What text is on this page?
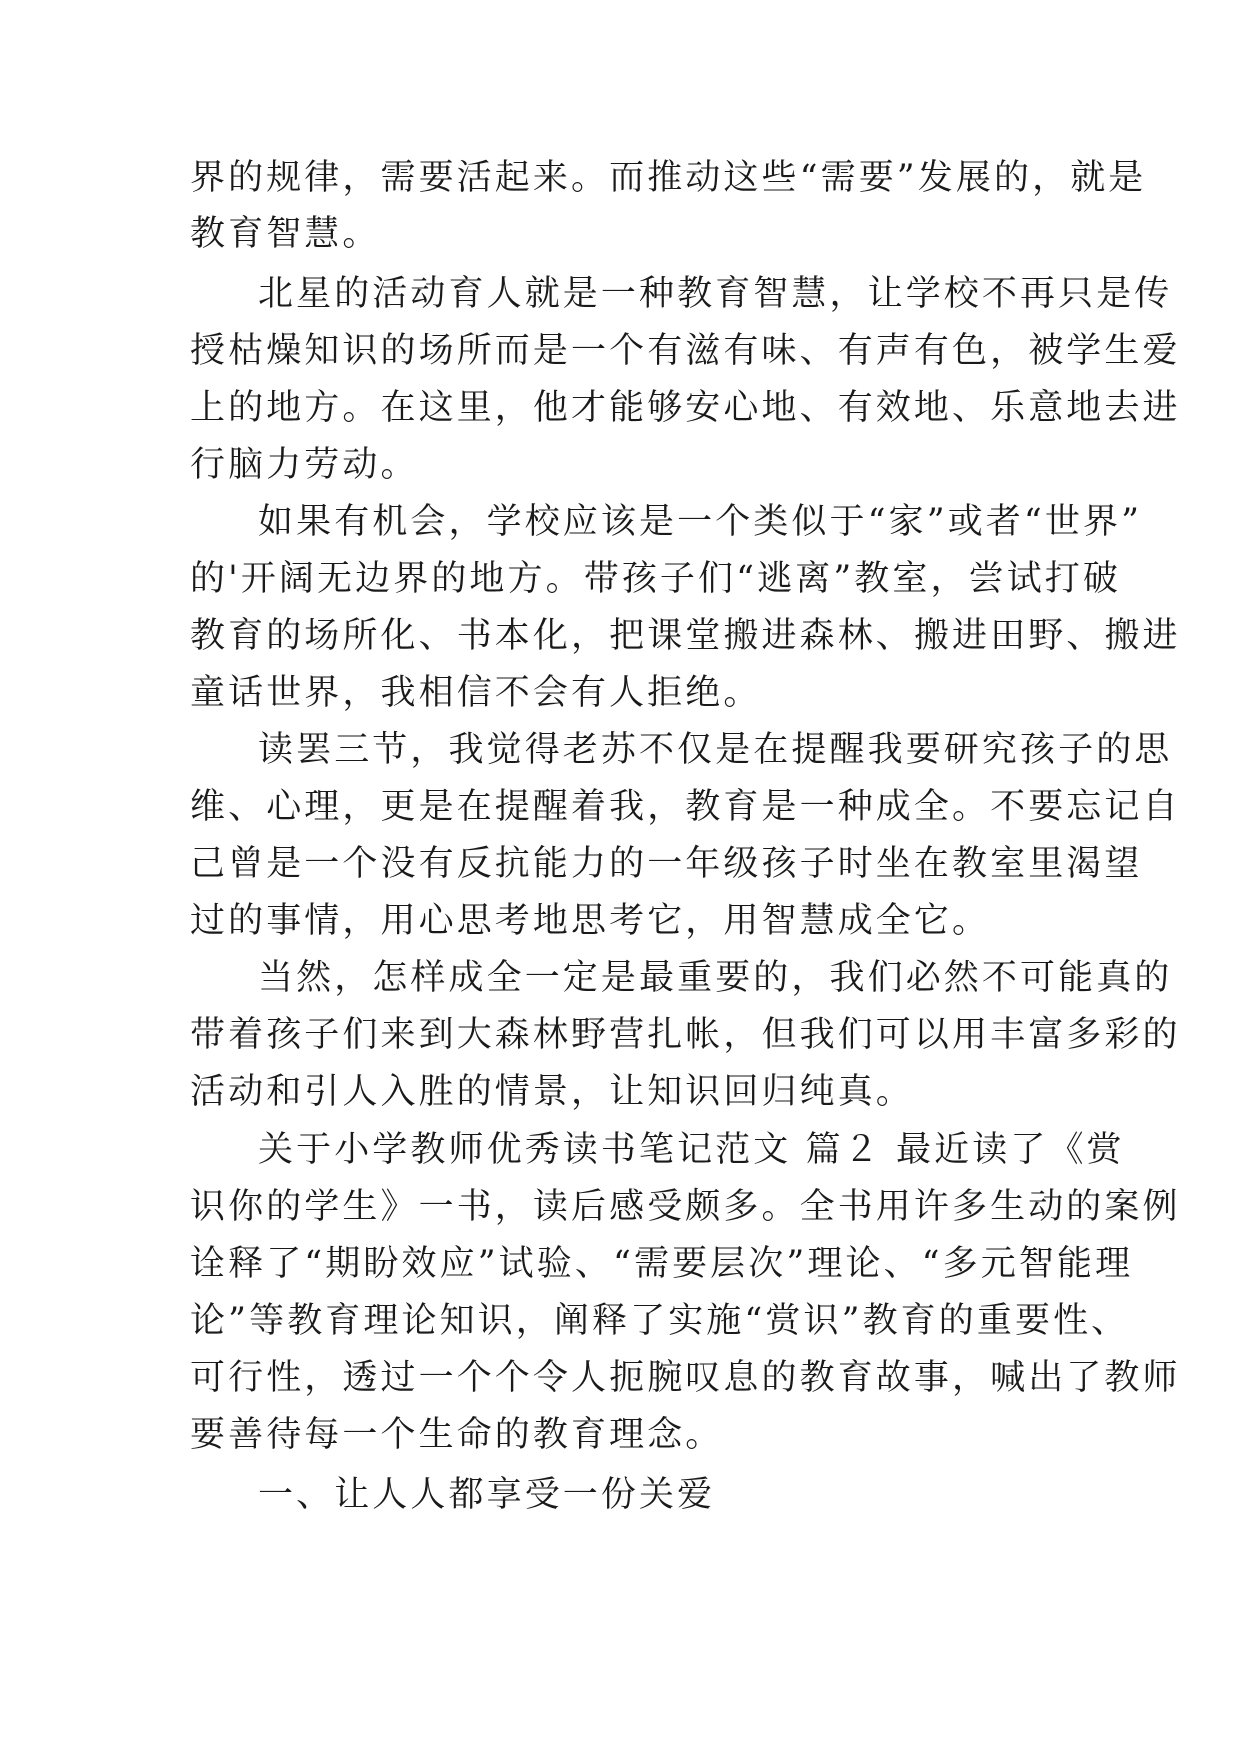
界的规律，需要活起来。而推动这些“需要”发展的，就是
教育智慧。
北星的活动育人就是一种教育智慧，让学校不再只是传
授枯燥知识的场所而是一个有滋有味、有声有色，被学生爱
上的地方。在这里，他才能够安心地、有效地、乐意地去进
行脑力劳动。
如果有机会，学校应该是一个类似于“家”或者“世界”
的'开阔无边界的地方。带孩子们“逃离”教室，尝试打破
教育的场所化、书本化，把课堂搬进森林、搬进田野、搬进
童话世界，我相信不会有人拒绝。
读罢三节，我觉得老苏不仅是在提醒我要研究孩子的思
维、心理，更是在提醒着我，教育是一种成全。不要忘记自
己曾是一个没有反抗能力的一年级孩子时坐在教室里渴望
过的事情，用心思考地思考它，用智慧成全它。
当然，怎样成全一定是最重要的，我们必然不可能真的
带着孩子们来到大森林野营扎帐，但我们可以用丰富多彩的
活动和引人入胜的情景，让知识回归纯真。
关于小学教师优秀读书笔记范文 篇２ 最近读了《赏
识你的学生》一书，读后感受颇多。全书用许多生动的案例
诠释了“期盼效应”试验、“需要层次”理论、“多元智能理
论”等教育理论知识，阐释了实施“赏识”教育的重要性、
可行性，透过一个个令人扼腕叹息的教育故事，喊出了教师
要善待每一个生命的教育理念。
一、让人人都享受一份关爱
